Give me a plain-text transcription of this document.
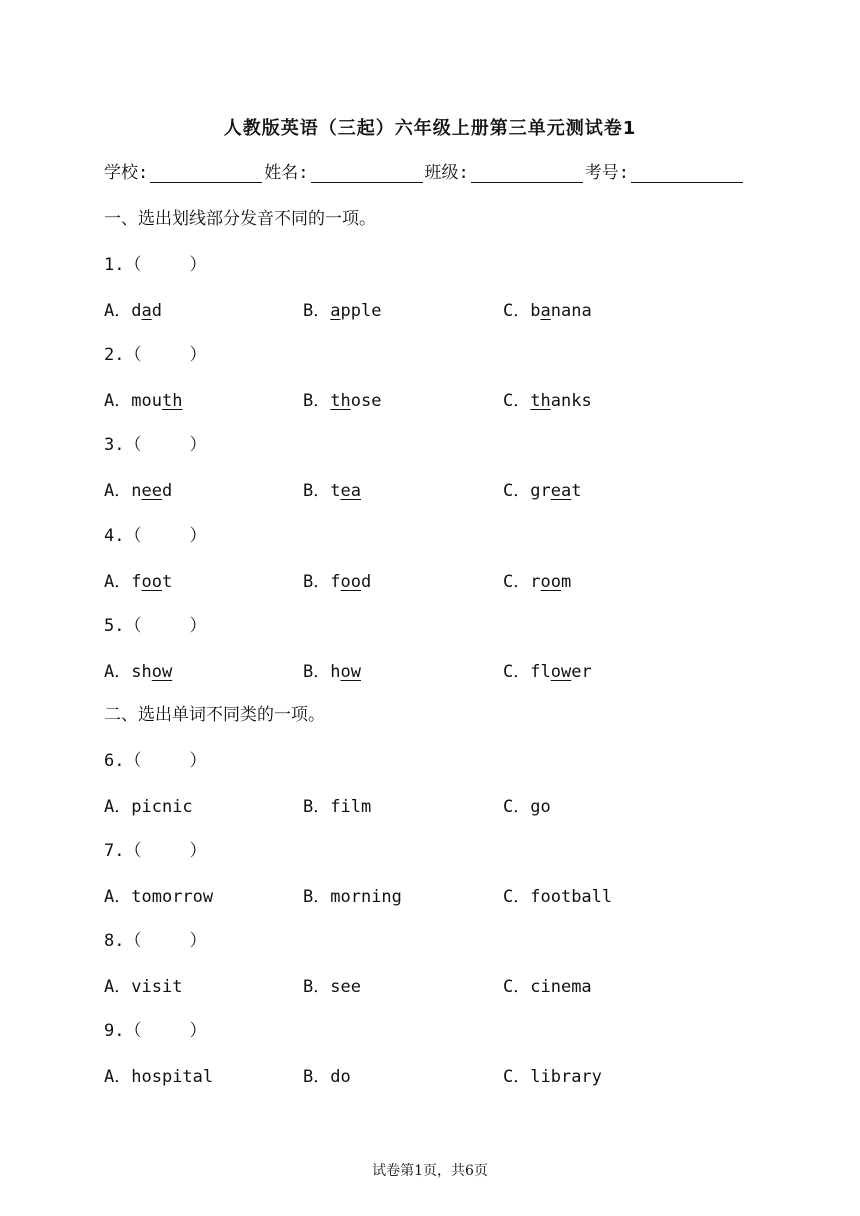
人教版英语（三起）六年级上册第三单元测试卷1
学校:	姓名:	班级:	考号:
一、选出划线部分发音不同的一项。
二、选出单词不同类的一项。
1.（	）
A．dad	B．apple	C．banana
2.（	）
A．mouth	B．those	C．thanks
3.（	）
A．need	B．tea	C．great
4.（	）
A．foot	B．food	C．room
5.（	）
A．show	B．how	C．flower
6.（	）
A．picnic	B．film	C．go
7.（	）
A．tomorrow	B．morning	C．football
8.（	）
A．visit	B．see	C．cinema
9.（	）
A．hospital	B．do	C．library
试卷第1页，共6页
